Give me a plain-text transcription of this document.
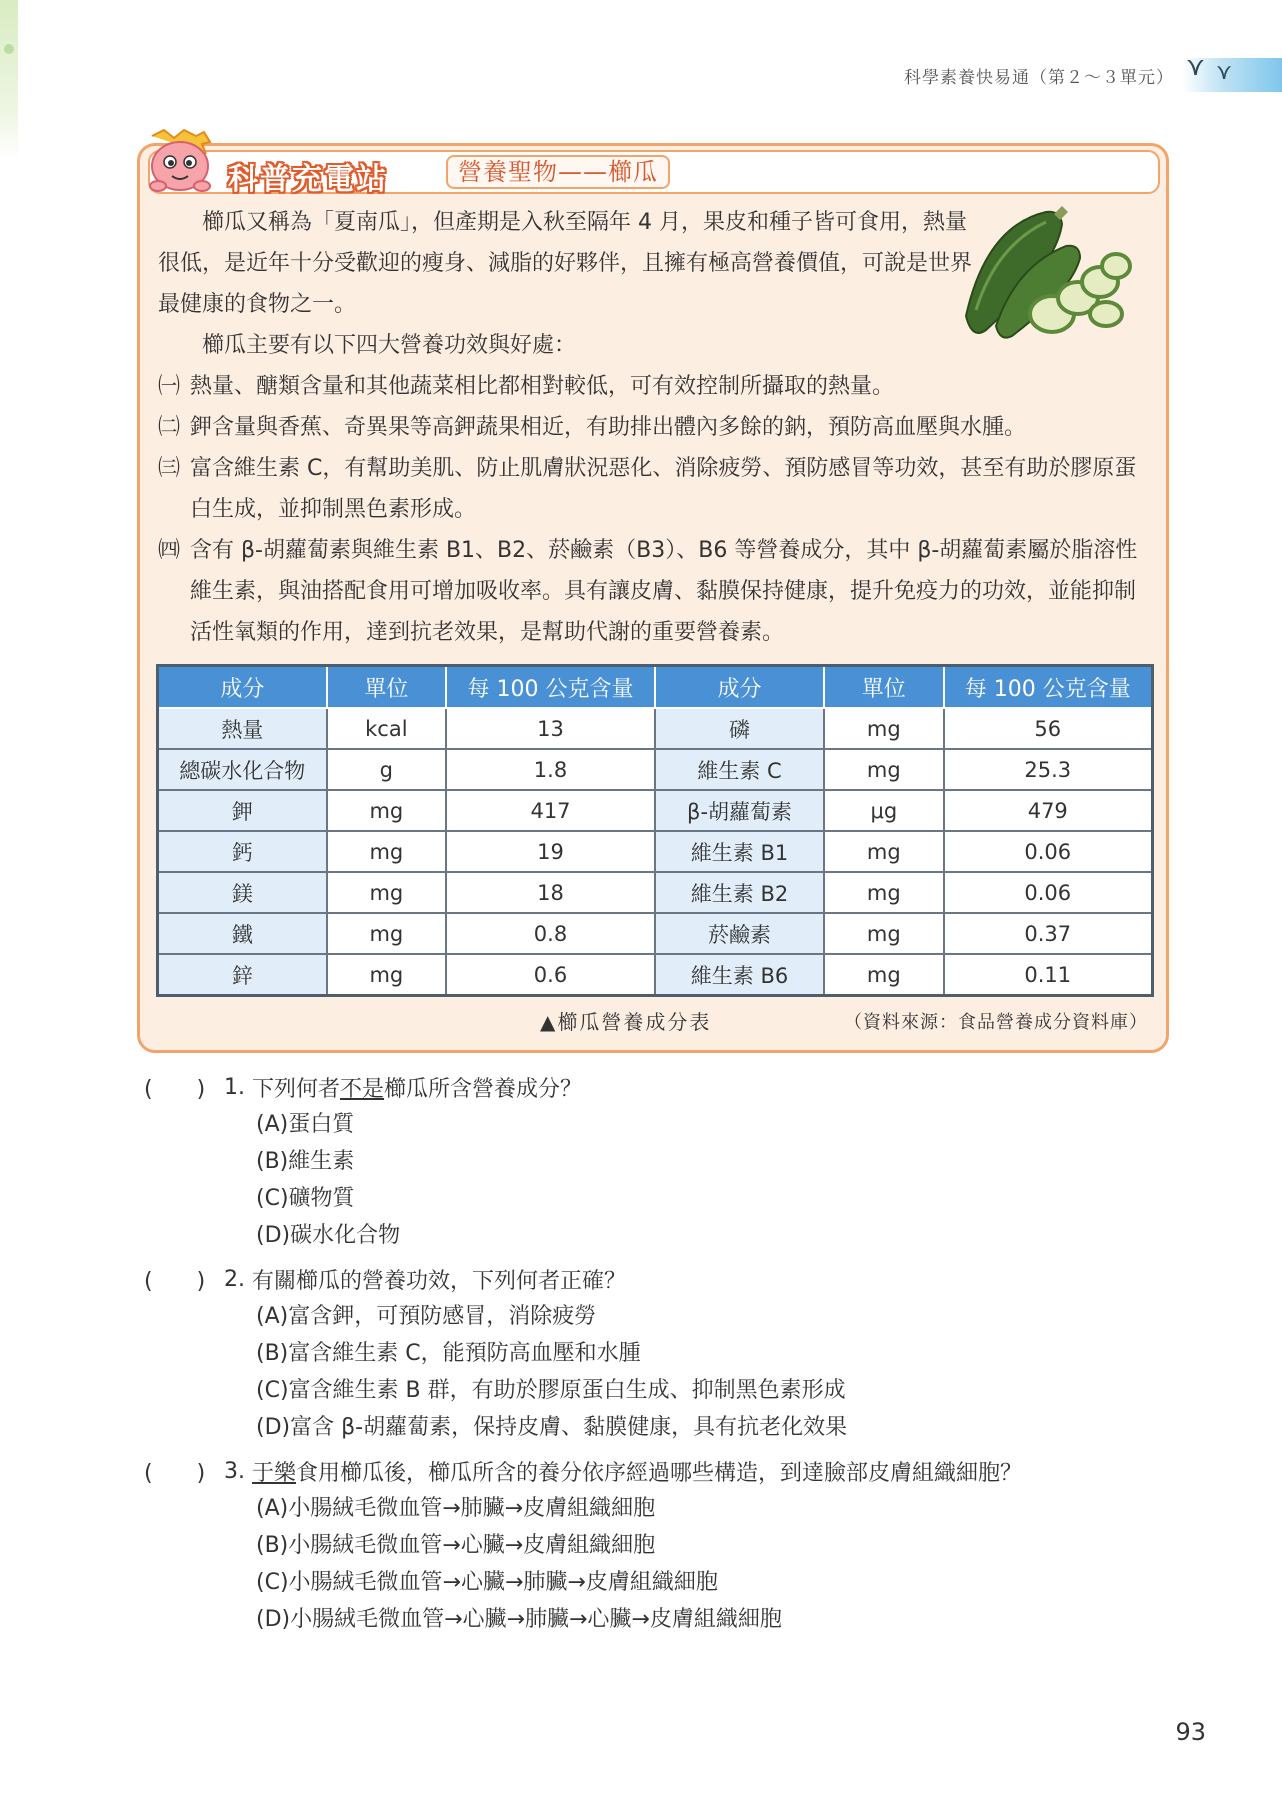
科學素養快易通（第２～３單元） ⋎ ⋎
科普充電站	營養聖物——櫛瓜
櫛瓜又稱為「夏南瓜」，但產期是入秋至隔年 4 月，果皮和種子皆可食用，熱量很低，是近年十分受歡迎的瘦身、減脂的好夥伴，且擁有極高營養價值，可說是世界最健康的食物之一。
櫛瓜主要有以下四大營養功效與好處：
㈠ 熱量、醣類含量和其他蔬菜相比都相對較低，可有效控制所攝取的熱量。
㈡ 鉀含量與香蕉、奇異果等高鉀蔬果相近，有助排出體內多餘的鈉，預防高血壓與水腫。
㈢ 富含維生素 C，有幫助美肌、防止肌膚狀況惡化、消除疲勞、預防感冒等功效，甚至有助於膠原蛋白生成，並抑制黑色素形成。
㈣ 含有 β-胡蘿蔔素與維生素 B1、B2、菸鹼素（B3）、B6 等營養成分，其中 β-胡蘿蔔素屬於脂溶性維生素，與油搭配食用可增加吸收率。具有讓皮膚、黏膜保持健康，提升免疫力的功效，並能抑制活性氧類的作用，達到抗老效果，是幫助代謝的重要營養素。
成分	單位	每 100 公克含量	成分	單位	每 100 公克含量
熱量	kcal	13	磷	mg	56
總碳水化合物	g	1.8	維生素 C	mg	25.3
鉀	mg	417	β-胡蘿蔔素	μg	479
鈣	mg	19	維生素 B1	mg	0.06
鎂	mg	18	維生素 B2	mg	0.06
鐵	mg	0.8	菸鹼素	mg	0.37
鋅	mg	0.6	維生素 B6	mg	0.11
▲櫛瓜營養成分表	（資料來源：食品營養成分資料庫）
(　　) 1. 下列何者 不是 櫛瓜所含營養成分？
(A)蛋白質
(B)維生素
(C)礦物質
(D)碳水化合物
(　　) 2. 有關櫛瓜的營養功效，下列何者正確？
(A)富含鉀，可預防感冒，消除疲勞
(B)富含維生素 C，能預防高血壓和水腫
(C)富含維生素 B 群，有助於膠原蛋白生成、抑制黑色素形成
(D)富含 β-胡蘿蔔素，保持皮膚、黏膜健康，具有抗老化效果
(　　) 3. 于樂 食用櫛瓜後，櫛瓜所含的養分依序經過哪些構造，到達臉部皮膚組織細胞？
(A)小腸絨毛微血管→肺臟→皮膚組織細胞
(B)小腸絨毛微血管→心臟→皮膚組織細胞
(C)小腸絨毛微血管→心臟→肺臟→皮膚組織細胞
(D)小腸絨毛微血管→心臟→肺臟→心臟→皮膚組織細胞
93
